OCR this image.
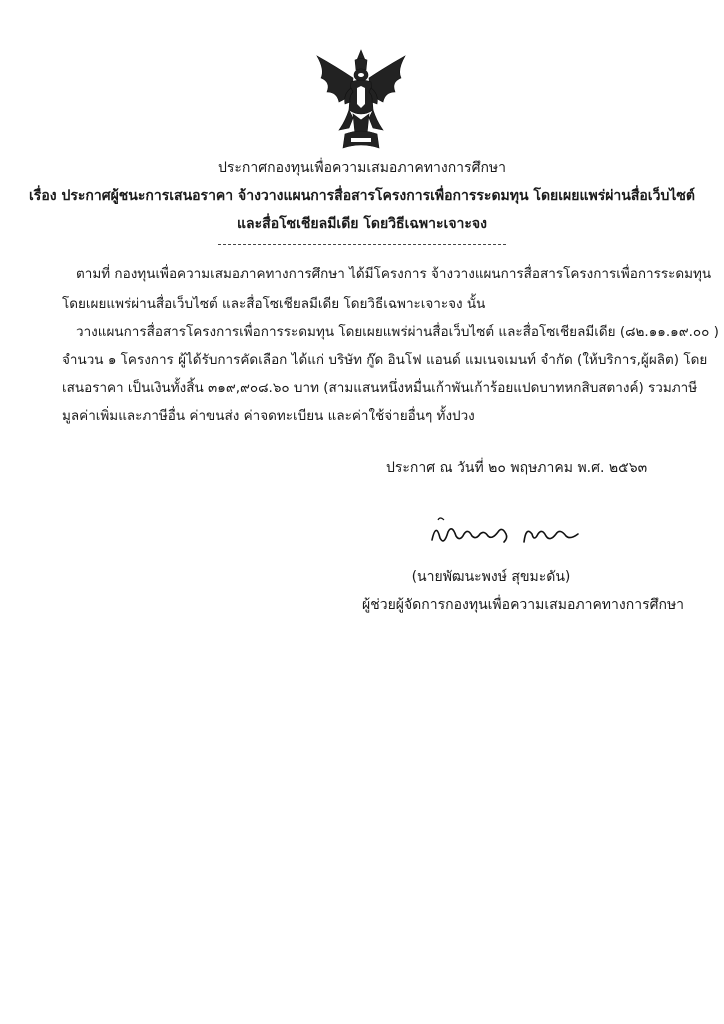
ประกาศกองทุนเพื่อความเสมอภาคทางการศึกษา
เรื่อง ประกาศผู้ชนะการเสนอราคา จ้างวางแผนการสื่อสารโครงการเพื่อการระดมทุน โดยเผยแพร่ผ่านสื่อเว็บไซต์
และสื่อโซเชียลมีเดีย โดยวิธีเฉพาะเจาะจง
ตามที่ กองทุนเพื่อความเสมอภาคทางการศึกษา ได้มีโครงการ จ้างวางแผนการสื่อสารโครงการเพื่อการระดมทุน
โดยเผยแพร่ผ่านสื่อเว็บไซต์ และสื่อโซเชียลมีเดีย โดยวิธีเฉพาะเจาะจง นั้น
วางแผนการสื่อสารโครงการเพื่อการระดมทุน โดยเผยแพร่ผ่านสื่อเว็บไซต์ และสื่อโซเชียลมีเดีย (๘๒.๑๑.๑๙.๐๐ )
จำนวน ๑ โครงการ ผู้ได้รับการคัดเลือก ได้แก่ บริษัท กู๊ด อินโฟ แอนด์ แมเนจเมนท์ จำกัด (ให้บริการ,ผู้ผลิต) โดย
เสนอราคา เป็นเงินทั้งสิ้น ๓๑๙,๙๐๘.๖๐ บาท (สามแสนหนึ่งหมื่นเก้าพันเก้าร้อยแปดบาทหกสิบสตางค์) รวมภาษี
มูลค่าเพิ่มและภาษีอื่น ค่าขนส่ง ค่าจดทะเบียน และค่าใช้จ่ายอื่นๆ ทั้งปวง
ประกาศ ณ วันที่ ๒๐ พฤษภาคม พ.ศ. ๒๕๖๓
(นายพัฒนะพงษ์ สุขมะดัน)
ผู้ช่วยผู้จัดการกองทุนเพื่อความเสมอภาคทางการศึกษา
